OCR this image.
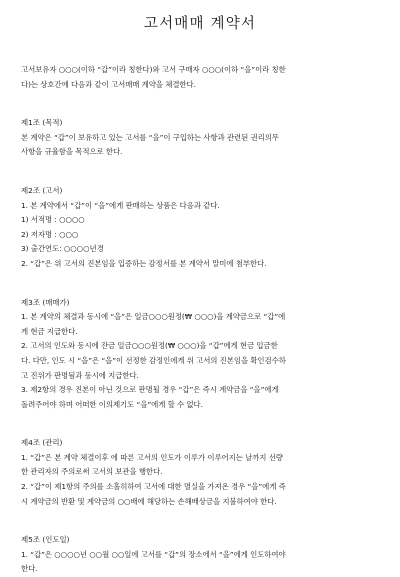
고서매매 계약서

고서보유자 ○○○(이하 “갑”이라 칭한다)와 고서 구매자 ○○○(이하 “을”이라 칭한

다)는 상호간에 다음과 같이 고서매매 계약을 체결한다.

제1조 (목적)

본 계약은 “갑”이 보유하고 있는 고서를 “을”이 구입하는 사항과 관련된 권리의무

사항을 규율함을 목적으로 한다.

제2조 (고서)

1. 본 계약에서 “갑”이 “을”에게 판매하는 상품은 다음과 같다.

1) 서적명 : ○○○○

2) 저자명 : ○○○

3) 출간연도: ○○○○년경

2. “갑”은 위 고서의 진본임을 입증하는 감정서를 본 계약서 말미에 첨부한다.

제3조 (매매가)

1. 본 계약의 체결과 동시에 “을”은 일금○○○원정(₩ ○○○)을 계약금으로 “갑”에

게 현금 지급한다.

2. 고서의 인도와 동시에 잔금 일금○○○원정(₩ ○○○)을 “갑”에게 현금 입금한

다. 다만, 인도 시 “을”은 “을”이 선정한 감정인에게 위 고서의 진본임을 확인검수하

고 진위가 판명됨과 동시에 지급한다.

3. 제2항의 경우 진본이 아닌 것으로 판명될 경우 “갑”은 즉시 계약금을 “을”에게

돌려주어야 하며 어떠한 이의제기도 “을”에게 할 수 없다.

제4조 (관리)

1. “갑”은 본 계약 체결이후 에 따른 고서의 인도가 이루가 이루어지는 날까지 선량

한 관리자의 주의로써 고서의 보관을 행한다.

2. “갑”이 제1항의 주의를 소홀히하여 고서에 대한 멸실을 가져온 경우 “을”에게 즉

시 계약금의 반환 및 계약금의 ○○배에 해당하는 손해배상금을 지불하여야 한다.

제5조 (인도일)

1. “갑”은 ○○○○년 ○○월 ○○일에 고서를 “갑”의 장소에서 “을”에게 인도하여야

한다.
